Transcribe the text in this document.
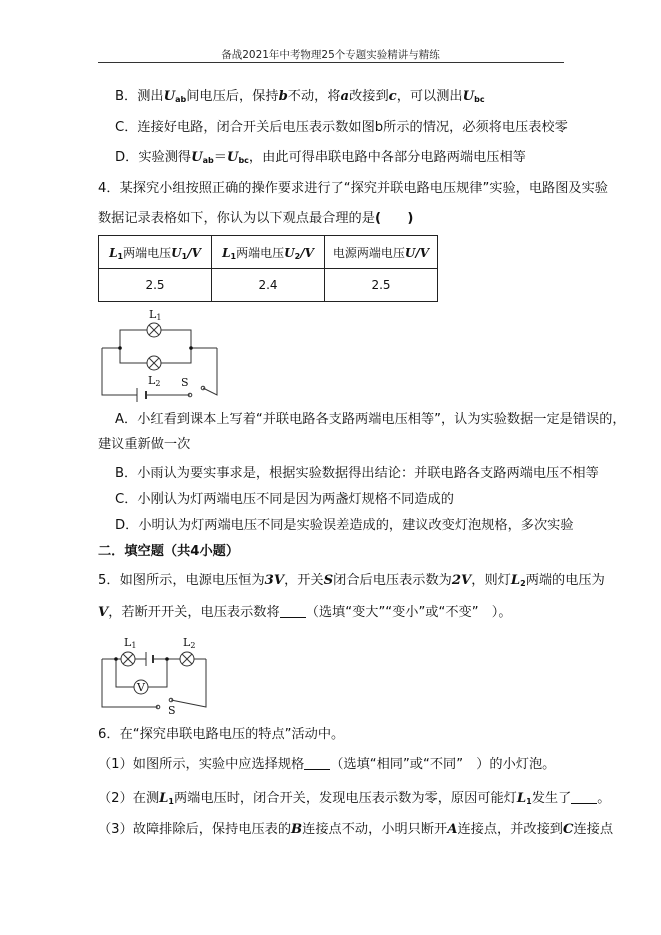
备战2021年中考物理25个专题实验精讲与精练
B．测出$U_{ab}$间电压后，保持b不动，将a改接到c，可以测出$U_{bc}$
C．连接好电路，闭合开关后电压表示数如图b所示的情况，必须将电压表校零
D．实验测得$U_{ab}=U_{bc}$，由此可得串联电路中各部分电路两端电压相等
4．某探究小组按照正确的操作要求进行了“探究并联电路电压规律”实验，电路图及实验
数据记录表格如下，你认为以下观点最合理的是(　　)
$L_1$两端电压$U_1/V$	$L_1$两端电压$U_2/V$	电源两端电压U/V
2.5	2.4	2.5
L1
L2 S
A．小红看到课本上写着“并联电路各支路两端电压相等”，认为实验数据一定是错误的，
建议重新做一次
B．小雨认为要实事求是，根据实验数据得出结论：并联电路各支路两端电压不相等
C．小刚认为灯两端电压不同是因为两盏灯规格不同造成的
D．小明认为灯两端电压不同是实验误差造成的，建议改变灯泡规格，多次实验
二．填空题（共4小题）
5．如图所示，电源电压恒为3V，开关S闭合后电压表示数为2V，则灯$L_2$两端的电压为
V，若断开开关，电压表示数将 （选填“变大”“变小”或“不变”　）。
V
L1	L2
S
6．在“探究串联电路电压的特点”活动中。
（1）如图所示，实验中应选择规格 （选填“相同”或“不同”　）的小灯泡。
（2）在测$L_1$两端电压时，闭合开关，发现电压表示数为零，原因可能灯$L_1$发生了 。
（3）故障排除后，保持电压表的B连接点不动，小明只断开A连接点，并改接到C连接点
